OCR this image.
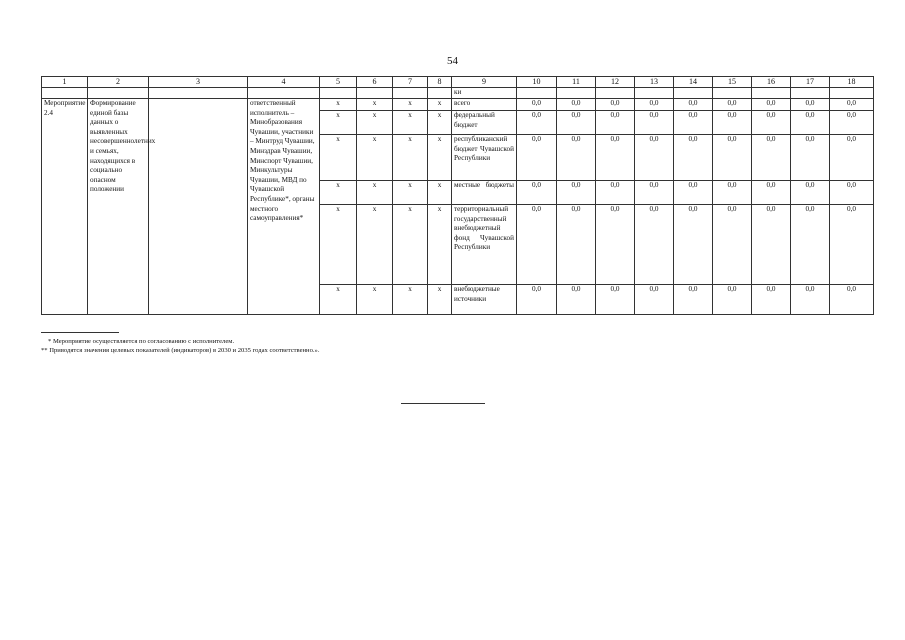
54
1	2	3	4	5	6	7	8	9	10	11	12	13	14	15	16	17	18
								ки									
Мероприятие 2.4	Формирование единой базы данных о выявленных несовершеннолетних и семьях, находящихся в социально опасном положении		ответственный исполнитель – Минобразования Чувашии, участники – Минтруд Чувашии, Минздрав Чувашии, Минспорт Чувашии, Минкультуры Чувашии, МВД по Чувашской Республике*, органы местного самоуправления*	x	x	x	x	всего	0,0	0,0	0,0	0,0	0,0	0,0	0,0	0,0	0,0
				x	x	x	x	федеральный бюджет	0,0	0,0	0,0	0,0	0,0	0,0	0,0	0,0	0,0
				x	x	x	x	республиканский бюджет Чувашской Республики	0,0	0,0	0,0	0,0	0,0	0,0	0,0	0,0	0,0
				x	x	x	x	местные бюджеты	0,0	0,0	0,0	0,0	0,0	0,0	0,0	0,0	0,0
				x	x	x	x	территориальный государственный внебюджетный фонд Чувашской Республики	0,0	0,0	0,0	0,0	0,0	0,0	0,0	0,0	0,0
				x	x	x	x	внебюджетные источники	0,0	0,0	0,0	0,0	0,0	0,0	0,0	0,0	0,0
* Мероприятие осуществляется по согласованию с исполнителем.
** Приводятся значения целевых показателей (индикаторов) в 2030 и 2035 годах соответственно.».
